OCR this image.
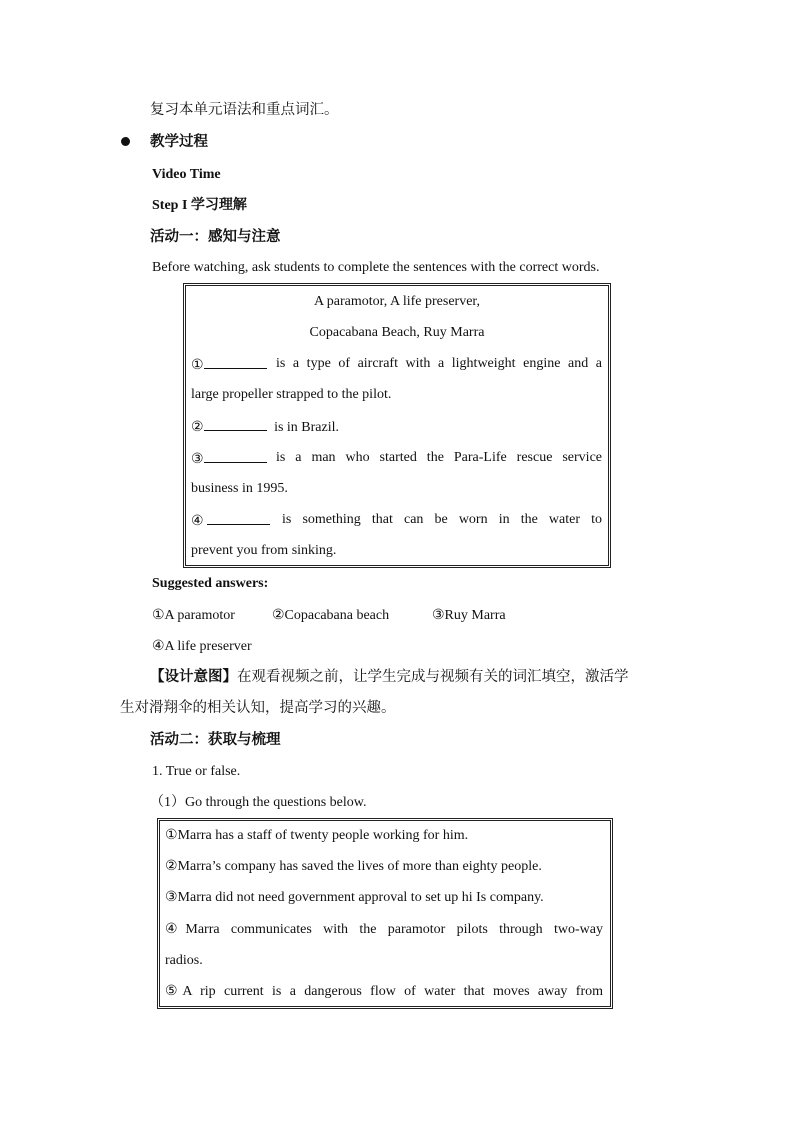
复习本单元语法和重点词汇。
教学过程
Video Time
Step I 学习理解
活动一：感知与注意
Before watching, ask students to complete the sentences with the correct words.
A paramotor, A life preserver,
Copacabana Beach, Ruy Marra
①	is a type of aircraft with a lightweight engine and a
large propeller strapped to the pilot.
②	is in Brazil.
③	is a man who started the Para-Life rescue service
business in 1995.
④	is something that can be worn in the water to
prevent you from sinking.
Suggested answers:
①A paramotor	②Copacabana beach	③Ruy Marra
④A life preserver
【设计意图】在观看视频之前，让学生完成与视频有关的词汇填空，激活学
生对滑翔伞的相关认知，提高学习的兴趣。
活动二：获取与梳理
1. True or false.
（1）Go through the questions below.
①Marra has a staff of twenty people working for him.
②Marra’s company has saved the lives of more than eighty people.
③Marra did not need government approval to set up hi Is company.
④Marra communicates with the paramotor pilots through two-way
radios.
⑤A rip current is a dangerous flow of water that moves away from
